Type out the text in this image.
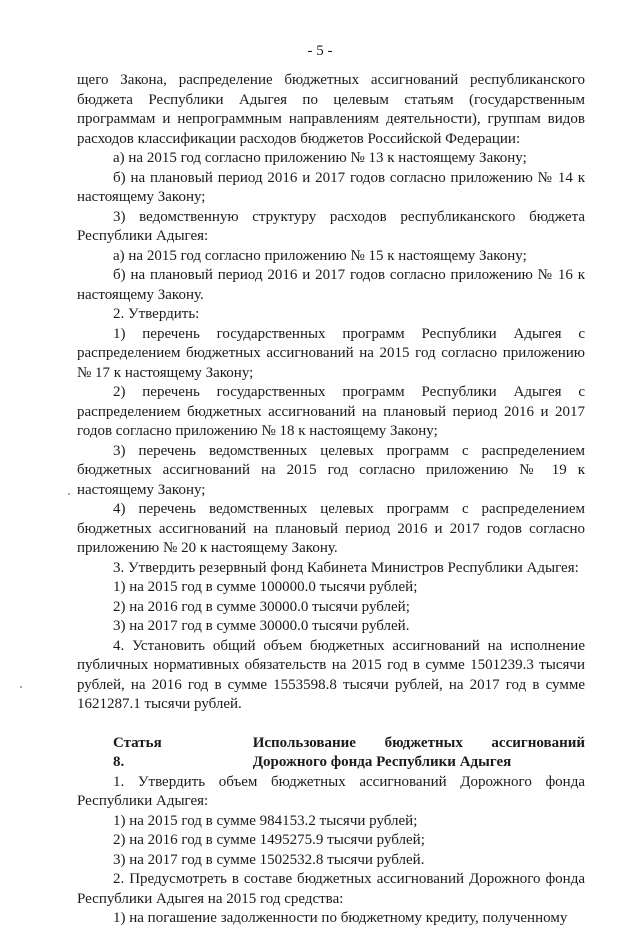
- 5 -

щего Закона, распределение бюджетных ассигнований республиканского бюджета Республики Адыгея по целевым статьям (государственным программам и непрограммным направлениям деятельности), группам видов расходов классификации расходов бюджетов Российской Федерации:

а) на 2015 год согласно приложению № 13 к настоящему Закону;

б) на плановый период 2016 и 2017 годов согласно приложению № 14 к настоящему Закону;

3) ведомственную структуру расходов республиканского бюджета Республики Адыгея:

а) на 2015 год согласно приложению № 15 к настоящему Закону;

б) на плановый период 2016 и 2017 годов согласно приложению № 16 к настоящему Закону.

2. Утвердить:

1) перечень государственных программ Республики Адыгея с распределением бюджетных ассигнований на 2015 год согласно приложению № 17 к настоящему Закону;

2) перечень государственных программ Республики Адыгея с распределением бюджетных ассигнований на плановый период 2016 и 2017 годов согласно приложению № 18 к настоящему Закону;

3) перечень ведомственных целевых программ с распределением бюджетных ассигнований на 2015 год согласно приложению № 19 к настоящему Закону;

4) перечень ведомственных целевых программ с распределением бюджетных ассигнований на плановый период 2016 и 2017 годов согласно приложению № 20 к настоящему Закону.

3. Утвердить резервный фонд Кабинета Министров Республики Адыгея:

1) на 2015 год в сумме 100000.0 тысячи рублей;

2) на 2016 год в сумме 30000.0 тысячи рублей;

3) на 2017 год в сумме 30000.0 тысячи рублей.

4. Установить общий объем бюджетных ассигнований на исполнение публичных нормативных обязательств на 2015 год в сумме 1501239.3 тысячи рублей, на 2016 год в сумме 1553598.8 тысячи рублей, на 2017 год в сумме 1621287.1 тысячи рублей.

Статья 8.
Использование бюджетных ассигнований Дорожного фонда Республики Адыгея

1. Утвердить объем бюджетных ассигнований Дорожного фонда Республики Адыгея:

1) на 2015 год в сумме 984153.2 тысячи рублей;

2) на 2016 год в сумме 1495275.9 тысячи рублей;

3) на 2017 год в сумме 1502532.8 тысячи рублей.

2. Предусмотреть в составе бюджетных ассигнований Дорожного фонда Республики Адыгея на 2015 год средства:

1) на погашение задолженности по бюджетному кредиту, полученному
